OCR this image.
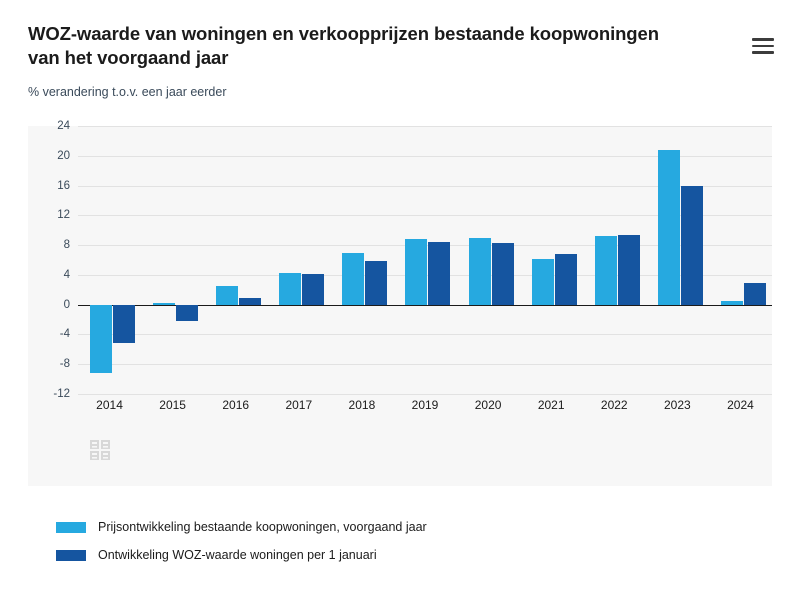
WOZ-waarde van woningen en verkoopprijzen bestaande koopwoningen van het voorgaand jaar

% verandering t.o.v. een jaar eerder

24
20
16
12
8
4
0
-4
-8
-12
2014	2015	2016	2017	2018	2019	2020	2021	2022	2023	2024
Prijsontwikkeling bestaande koopwoningen, voorgaand jaar
Ontwikkeling WOZ-waarde woningen per 1 januari
